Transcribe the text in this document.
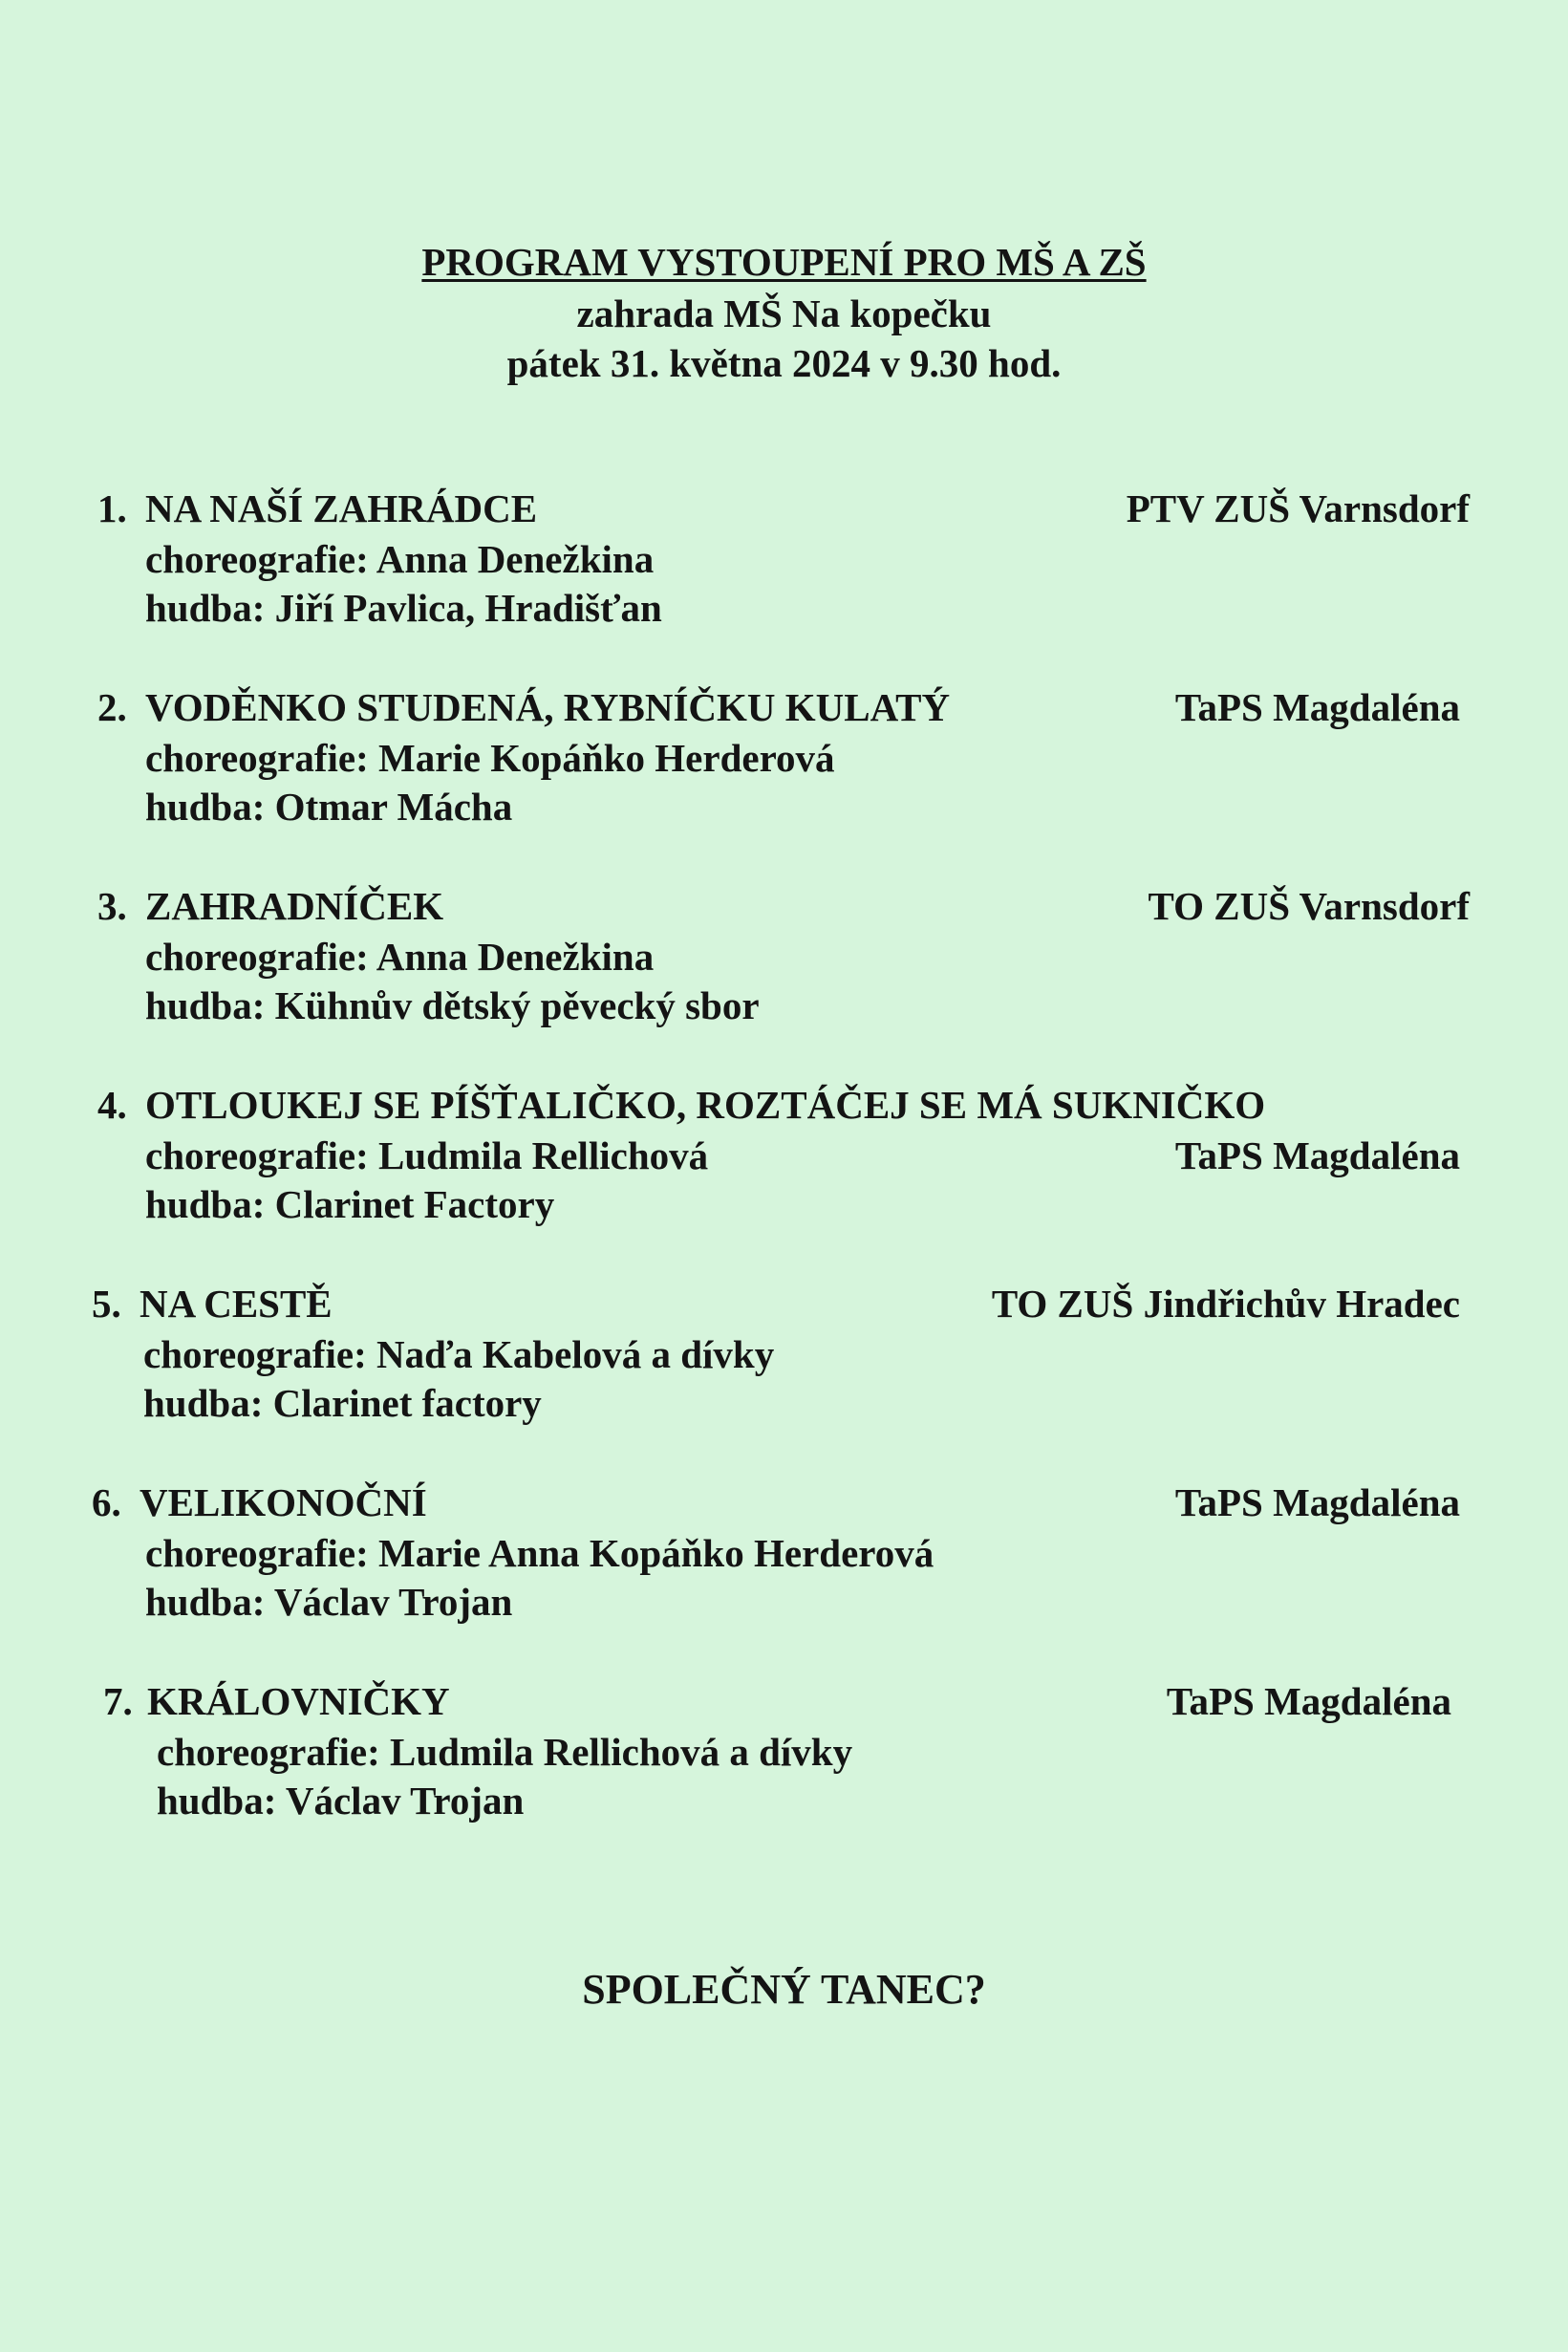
PROGRAM VYSTOUPENÍ PRO MŠ A ZŠ
zahrada MŠ Na kopečku
pátek 31. května 2024 v 9.30 hod.
1. NA NAŠÍ ZAHRÁDCE
choreografie: Anna Denežkina
hudba: Jiří Pavlica, Hradišťan
PTV ZUŠ Varnsdorf
2. VODĚNKO STUDENÁ, RYBNÍČKU KULATÝ
choreografie: Marie Kopáňko Herderová
hudba: Otmar Mácha
TaPS Magdaléna
3. ZAHRADNÍČEK
choreografie: Anna Denežkina
hudba: Kühnův dětský pěvecký sbor
TO ZUŠ Varnsdorf
4. OTLOUKEJ SE PÍŠŤALIČKO, ROZTÁČEJ SE MÁ SUKNIČKO
choreografie: Ludmila Rellichová
hudba: Clarinet Factory
TaPS Magdaléna
5. NA CESTĚ
choreografie: Naďa Kabelová a dívky
hudba: Clarinet factory
TO ZUŠ Jindřichův Hradec
6. VELIKONOČNÍ
choreografie: Marie Anna Kopáňko Herderová
hudba: Václav Trojan
TaPS Magdaléna
7. KRÁLOVNIČKY
choreografie: Ludmila Rellichová a dívky
hudba: Václav Trojan
TaPS Magdaléna
SPOLEČNÝ TANEC?
